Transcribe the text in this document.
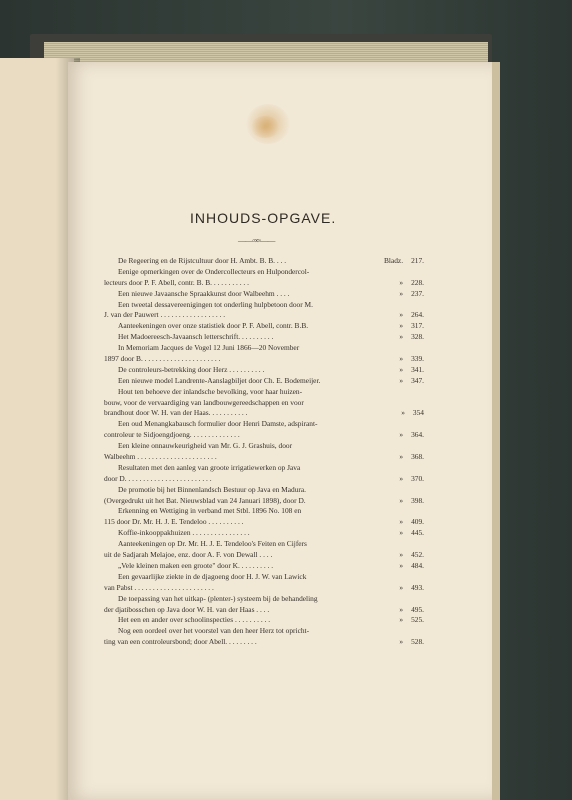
INHOUDS-OPGAVE.
——◦∞◦——
De Regeering en de Rijstcultuur door H. Ambt. B. B. . . .	Bladz. 217.
Eenige opmerkingen over de Ondercollecteurs en Hulpondercol-
lecteurs door P. F. Abell, contr. B. B. . . . . . . . . . .	» 228.
Een nieuwe Javaansche Spraakkunst door Walbeehm . . . .	» 237.
Een tweetal dessavereenigingen tot onderling hulpbetoon door M.
J. van der Pauwert . . . . . . . . . . . . . . . . . .	» 264.
Aanteekeningen over onze statistiek door P. F. Abell, contr. B.B.	» 317.
Het Madoereesch-Javaansch letterschrift. . . . . . . . . .	» 328.
In Memoriam Jacques de Vogel 12 Juni 1866—20 November
1897 door B. . . . . . . . . . . . . . . . . . . . . .	» 339.
De controleurs-betrekking door Herz . . . . . . . . . .	» 341.
Een nieuwe model Landrente-Aanslagbiljet door Ch. E. Bodemeijer.	» 347.
Hout ten behoeve der inlandsche bevolking, voor haar huizen-
bouw, voor de vervaardiging van landbouwgereedschappen en voor
brandhout door W. H. van der Haas. . . . . . . . . . .	» 354
Een oud Menangkabausch formulier door Henri Damste, adspirant-
controleur te Sidjoengdjoeng. . . . . . . . . . . . . .	» 364.
Een kleine onnauwkeurigheid van Mr. G. J. Grashuis, door
Walbeehm . . . . . . . . . . . . . . . . . . . . . .	» 368.
Resultaten met den aanleg van groote irrigatiewerken op Java
door D. . . . . . . . . . . . . . . . . . . . . . . .	» 370.
De promotie bij het Binnenlandsch Bestuur op Java en Madura.
(Overgedrukt uit het Bat. Nieuwsblad van 24 Januari 1898), door D.	» 398.
Erkenning en Wettiging in verband met Stbl. 1896 No. 108 en
115 door Dr. Mr. H. J. E. Tendeloo . . . . . . . . . .	» 409.
Koffie-inkooppakhuizen . . . . . . . . . . . . . . . .	» 445.
Aanteekeningen op Dr. Mr. H. J. E. Tendeloo's Feiten en Cijfers
uit de Sadjarah Melajoe, enz. door A. F. von Dewall . . . .	» 452.
„Vele kleinen maken een groote" door K. . . . . . . . . .	» 484.
Een gevaarlijke ziekte in de djagoeng door H. J. W. van Lawick
van Pabst . . . . . . . . . . . . . . . . . . . . . .	» 493.
De toepassing van het uitkap- (plenter-) systeem bij de behandeling
der djatibosschen op Java door W. H. van der Haas . . . .	» 495.
Het een en ander over schoolinspecties . . . . . . . . . .	» 525.
Nog een oordeel over het voorstel van den heer Herz tot opricht-
ting van een controleursbond; door Abell. . . . . . . . .	» 528.
